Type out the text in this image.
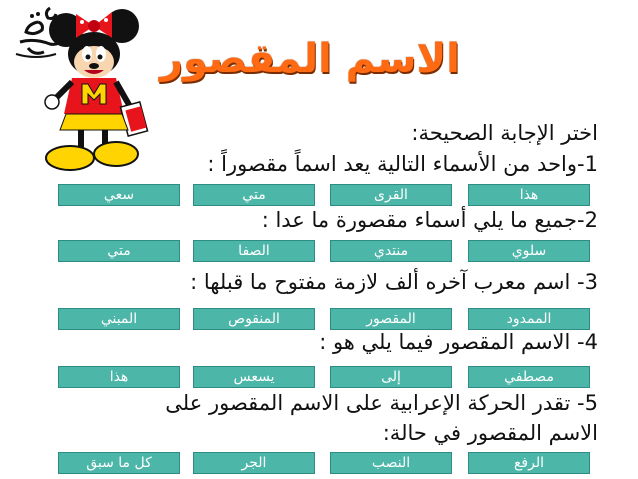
الاسم المقصور
اختر الإجابة الصحيحة:
1-واحد من الأسماء التالية يعد اسماً مقصوراً :
هذا
القرى
متي
سعي
2-جميع ما يلي أسماء مقصورة ما عدا :
سلوي
منتدي
الصفا
متي
3- اسم معرب آخره ألف لازمة مفتوح ما قبلها :
الممدود
المقصور
المنقوص
المبني
4- الاسم المقصور فيما يلي هو :
مصطفي
إلى
يسعس
هذا
5- تقدر الحركة الإعرابية على الاسم المقصور على
الاسم المقصور في حالة:
الرفع
النصب
الجر
كل ما سبق
